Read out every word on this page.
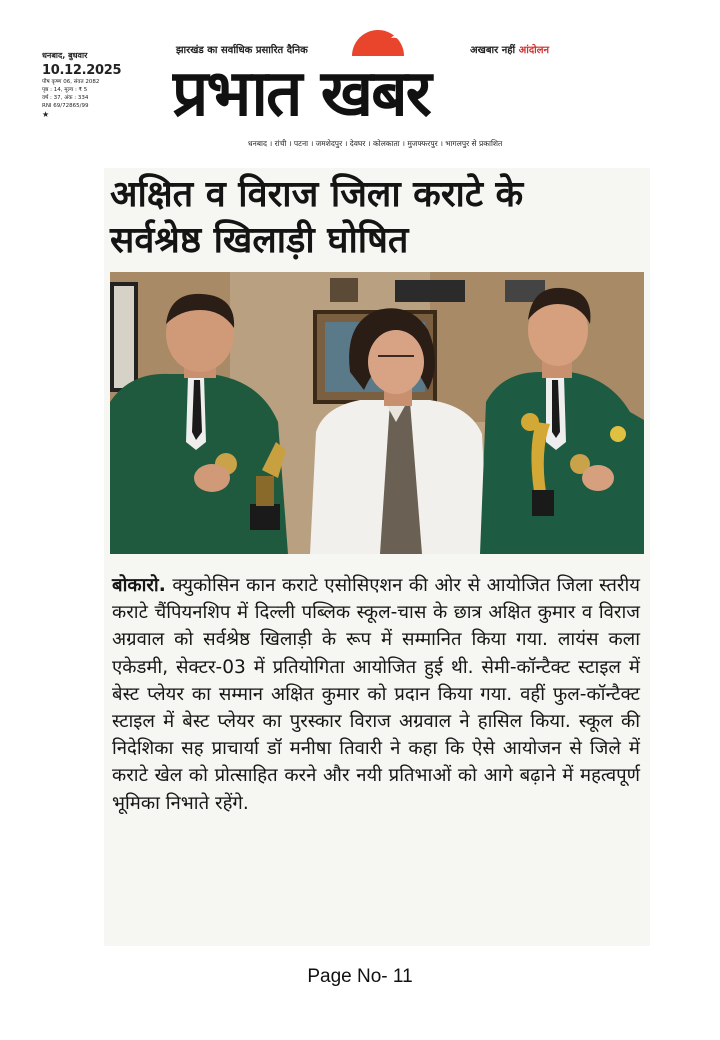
धनबाद, बुधवार
10.12.2025
पौष कृष्ण 06, संवत 2082
पृष्ठ : 14, मूल्य : ₹ 5
वर्ष : 37, अंक : 334
RNI 69/72865/99
★
झारखंड का सर्वाधिक प्रसारित दैनिक	अखबार नहीं आंदोलन
प्रभात खबर
धनबाद । रांची । पटना । जमशेदपुर । देवघर । कोलकाता । मुजफ्फरपुर । भागलपुर से प्रकाशित
अक्षित व विराज जिला कराटे के
सर्वश्रेष्ठ खिलाड़ी घोषित
बोकारो. क्युकोसिन कान कराटे एसोसिएशन की ओर से आयोजित जिला स्तरीय कराटे चैंपियनशिप में दिल्ली पब्लिक स्कूल-चास के छात्र अक्षित कुमार व विराज अग्रवाल को सर्वश्रेष्ठ खिलाड़ी के रूप में सम्मानित किया गया. लायंस कला एकेडमी, सेक्टर-03 में प्रतियोगिता आयोजित हुई थी. सेमी-कॉन्टैक्ट स्टाइल में बेस्ट प्लेयर का सम्मान अक्षित कुमार को प्रदान किया गया. वहीं फुल-कॉन्टैक्ट स्टाइल में बेस्ट प्लेयर का पुरस्कार विराज अग्रवाल ने हासिल किया. स्कूल की निदेशिका सह प्राचार्या डॉ मनीषा तिवारी ने कहा कि ऐसे आयोजन से जिले में कराटे खेल को प्रोत्साहित करने और नयी प्रतिभाओं को आगे बढ़ाने में महत्वपूर्ण भूमिका निभाते रहेंगे.
Page No- 11
